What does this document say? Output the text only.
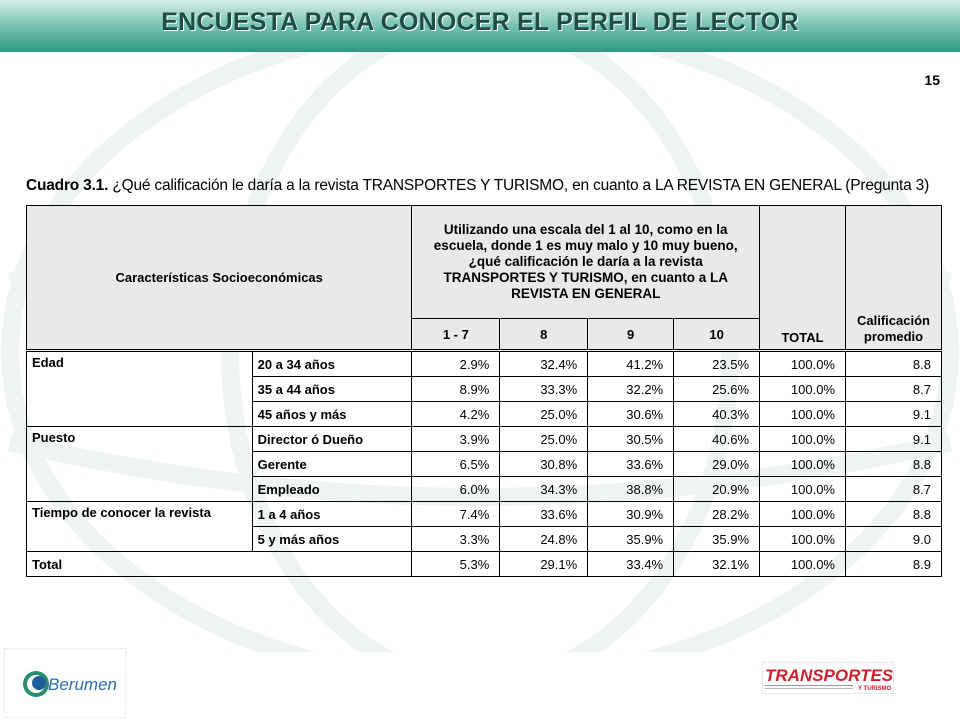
ENCUESTA PARA CONOCER EL PERFIL DE LECTOR
15
Cuadro 3.1. ¿Qué calificación le daría a la revista TRANSPORTES Y TURISMO, en cuanto a LA REVISTA EN GENERAL (Pregunta 3)
Características Socioeconómicas		Utilizando una escala del 1 al 10, como en la escuela, donde 1 es muy malo y 10 muy bueno, ¿qué calificación le daría a la revista TRANSPORTES Y TURISMO, en cuanto a LA REVISTA EN GENERAL				TOTAL	Calificación promedio
		1 - 7	8	9	10		
Edad	20 a 34 años	2.9%	32.4%	41.2%	23.5%	100.0%	8.8
	35 a 44 años	8.9%	33.3%	32.2%	25.6%	100.0%	8.7
	45 años y más	4.2%	25.0%	30.6%	40.3%	100.0%	9.1
Puesto	Director ó Dueño	3.9%	25.0%	30.5%	40.6%	100.0%	9.1
	Gerente	6.5%	30.8%	33.6%	29.0%	100.0%	8.8
	Empleado	6.0%	34.3%	38.8%	20.9%	100.0%	8.7
Tiempo de conocer la revista	1 a 4 años	7.4%	33.6%	30.9%	28.2%	100.0%	8.8
	5 y más años	3.3%	24.8%	35.9%	35.9%	100.0%	9.0
Total		5.3%	29.1%	33.4%	32.1%	100.0%	8.9
Berumen	TRANSPORTES
Y TURISMO
